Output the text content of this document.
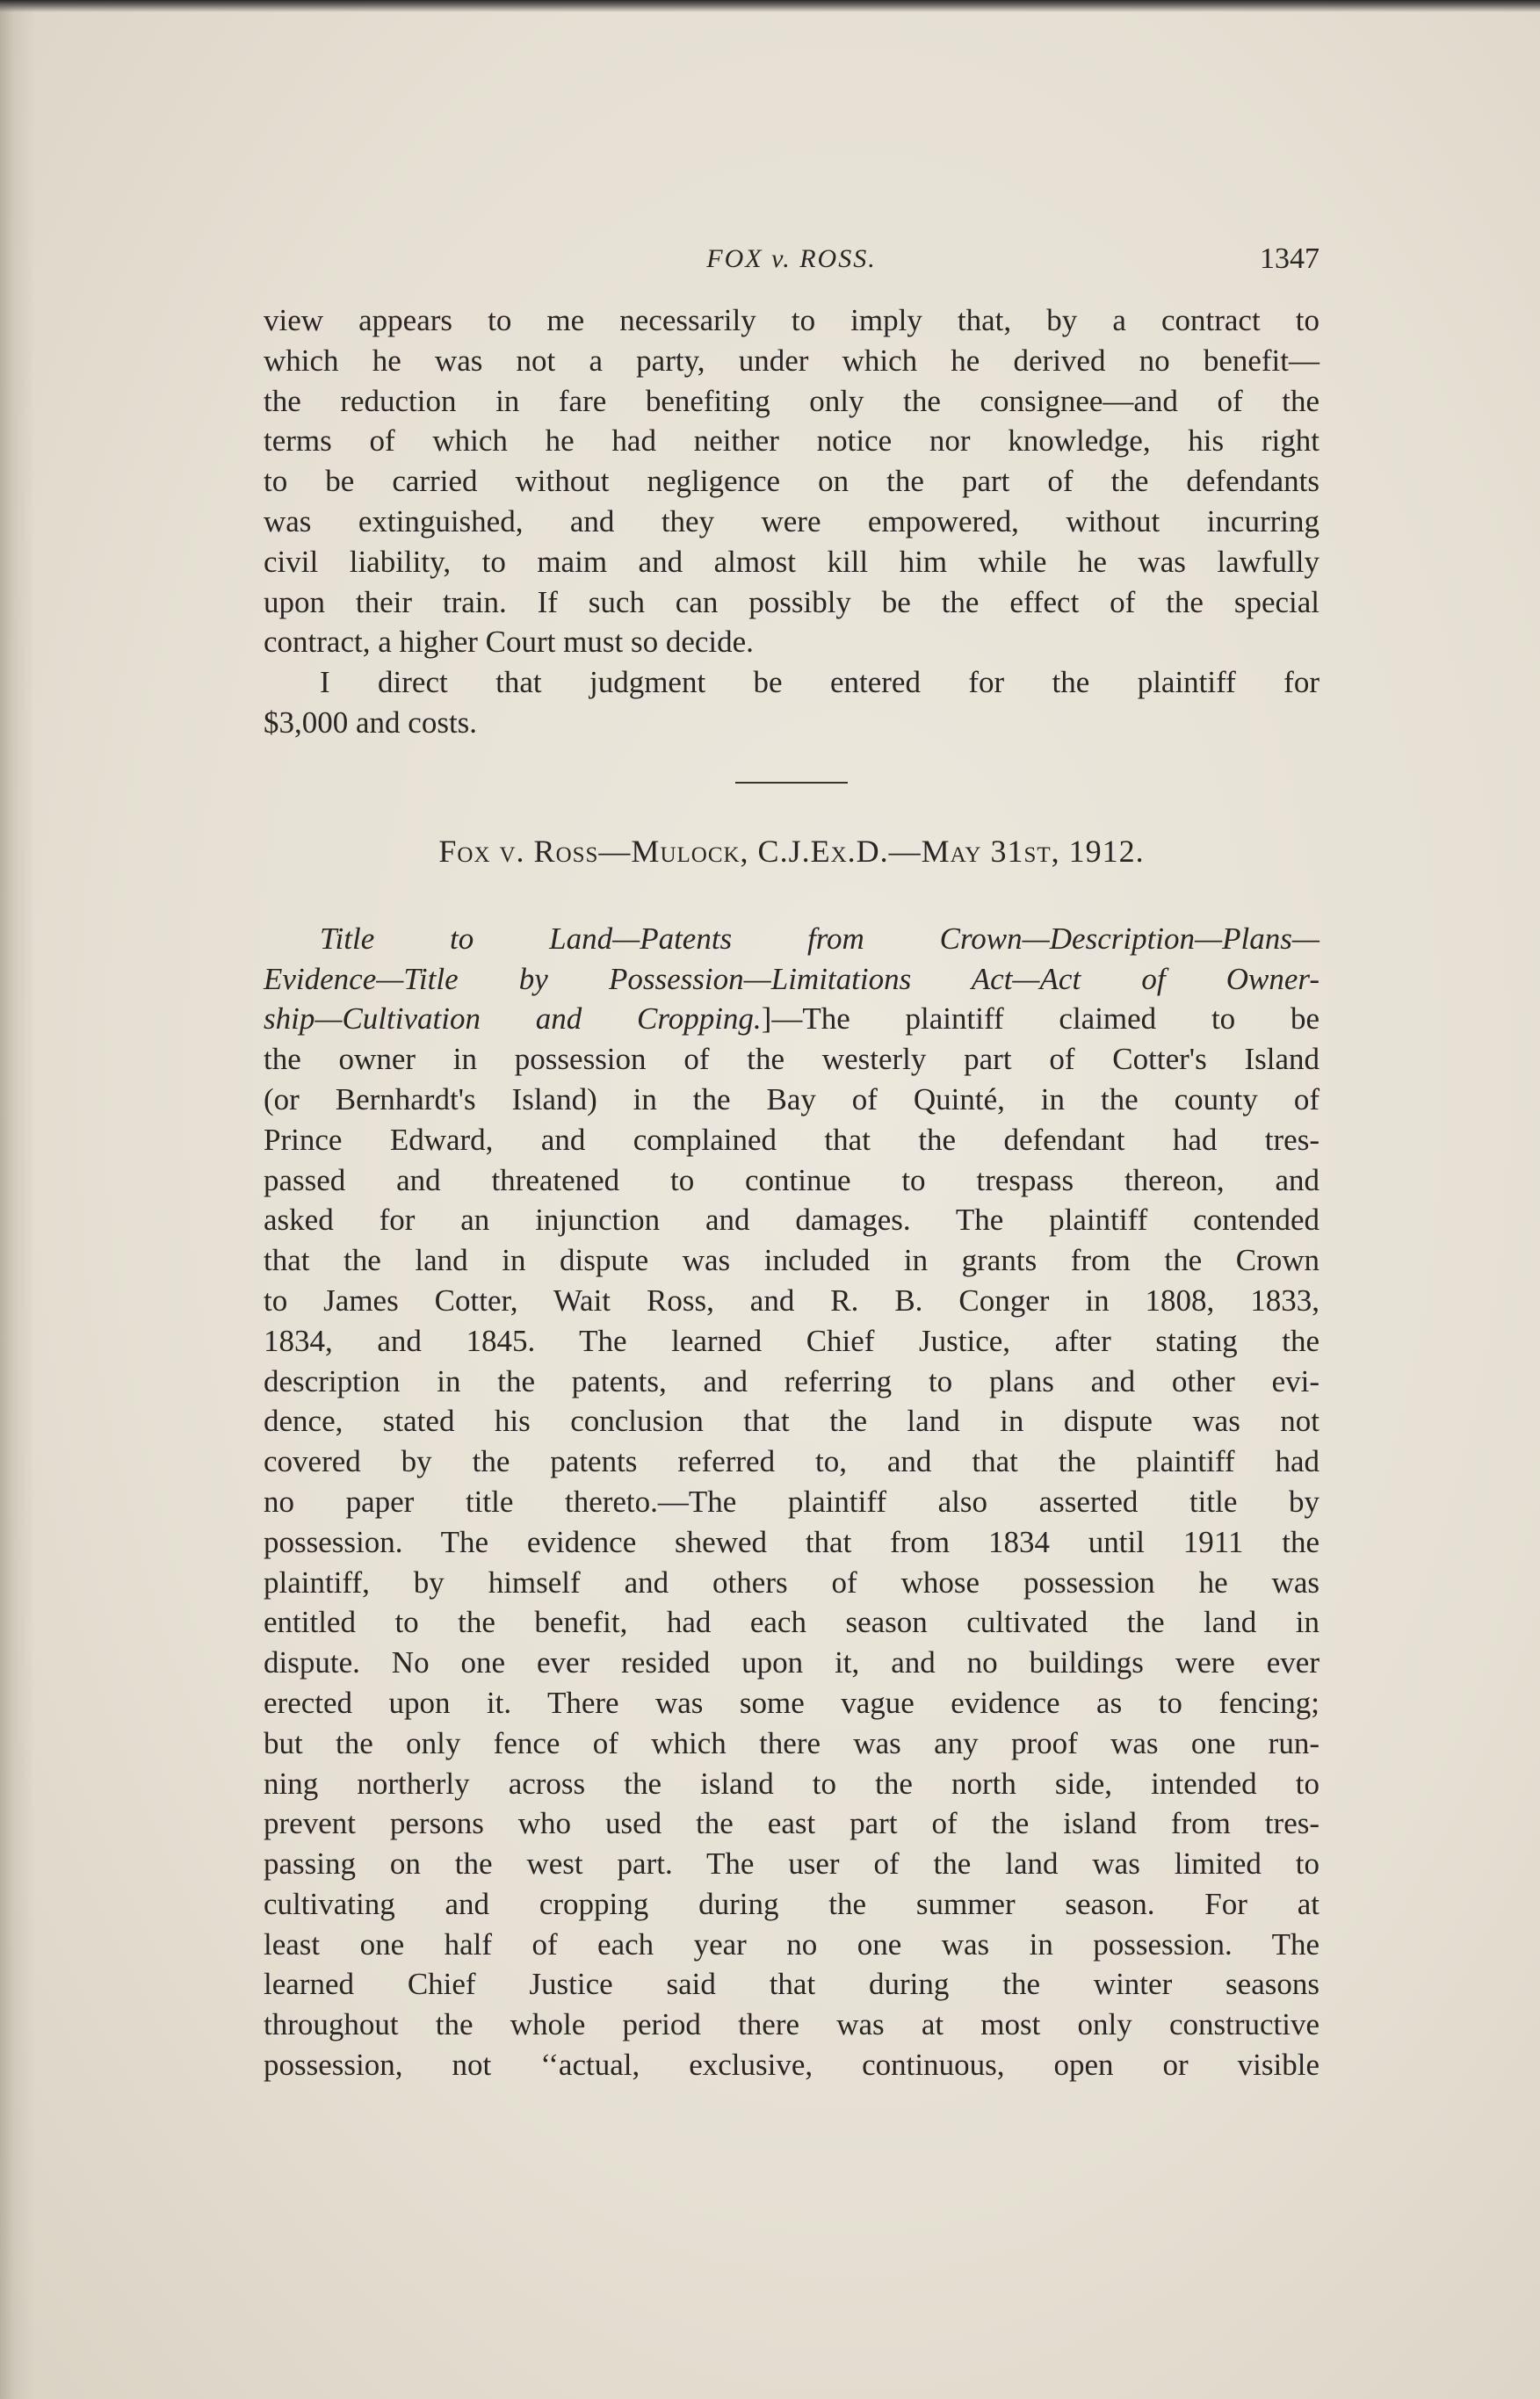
FOX v. ROSS.	1347
view appears to me necessarily to imply that, by a contract to
which he was not a party, under which he derived no benefit—
the reduction in fare benefiting only the consignee—and of the
terms of which he had neither notice nor knowledge, his right
to be carried without negligence on the part of the defendants
was extinguished, and they were empowered, without incurring
civil liability, to maim and almost kill him while he was lawfully
upon their train. If such can possibly be the effect of the special
contract, a higher Court must so decide.
I direct that judgment be entered for the plaintiff for
$3,000 and costs.
Fox v. Ross—Mulock, C.J.Ex.D.—May 31st, 1912.
Title to Land—Patents from Crown—Description—Plans—
Evidence—Title by Possession—Limitations Act—Act of Owner-
ship—Cultivation and Cropping.]—The plaintiff claimed to be
the owner in possession of the westerly part of Cotter's Island
(or Bernhardt's Island) in the Bay of Quinté, in the county of
Prince Edward, and complained that the defendant had tres-
passed and threatened to continue to trespass thereon, and
asked for an injunction and damages. The plaintiff contended
that the land in dispute was included in grants from the Crown
to James Cotter, Wait Ross, and R. B. Conger in 1808, 1833,
1834, and 1845. The learned Chief Justice, after stating the
description in the patents, and referring to plans and other evi-
dence, stated his conclusion that the land in dispute was not
covered by the patents referred to, and that the plaintiff had
no paper title thereto.—The plaintiff also asserted title by
possession. The evidence shewed that from 1834 until 1911 the
plaintiff, by himself and others of whose possession he was
entitled to the benefit, had each season cultivated the land in
dispute. No one ever resided upon it, and no buildings were ever
erected upon it. There was some vague evidence as to fencing;
but the only fence of which there was any proof was one run-
ning northerly across the island to the north side, intended to
prevent persons who used the east part of the island from tres-
passing on the west part. The user of the land was limited to
cultivating and cropping during the summer season. For at
least one half of each year no one was in possession. The
learned Chief Justice said that during the winter seasons
throughout the whole period there was at most only constructive
possession, not ‘‘actual, exclusive, continuous, open or visible
